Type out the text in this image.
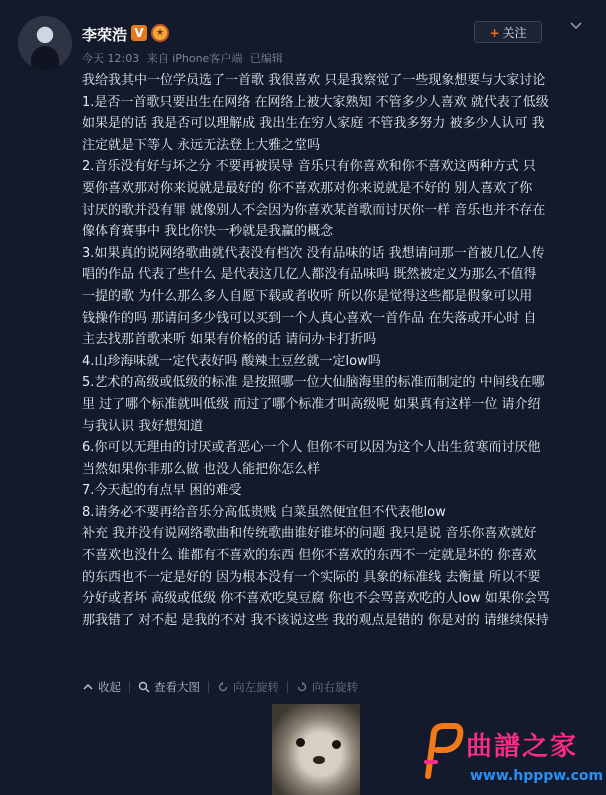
李荣浩 V	★
今天 12:03 来自 iPhone客户端 已编辑
+ 关注

我给我其中一位学员选了一首歌 我很喜欢 只是我察觉了一些现象想要与大家讨论

1.是否一首歌只要出生在网络 在网络上被大家熟知 不管多少人喜欢 就代表了低级

如果是的话 我是否可以理解成 我出生在穷人家庭 不管我多努力 被多少人认可 我

注定就是下等人 永远无法登上大雅之堂吗

2.音乐没有好与坏之分 不要再被误导 音乐只有你喜欢和你不喜欢这两种方式 只

要你喜欢那对你来说就是最好的 你不喜欢那对你来说就是不好的 别人喜欢了你

讨厌的歌并没有罪 就像别人不会因为你喜欢某首歌而讨厌你一样 音乐也并不存在

像体育赛事中 我比你快一秒就是我赢的概念

3.如果真的说网络歌曲就代表没有档次 没有品味的话 我想请问那一首被几亿人传

唱的作品 代表了些什么 是代表这几亿人都没有品味吗 既然被定义为那么不值得

一提的歌 为什么那么多人自愿下载或者收听 所以你是觉得这些都是假象可以用

钱操作的吗 那请问多少钱可以买到一个人真心喜欢一首作品 在失落或开心时 自

主去找那首歌来听 如果有价格的话 请问办卡打折吗

4.山珍海味就一定代表好吗 酸辣土豆丝就一定low吗

5.艺术的高级或低级的标准 是按照哪一位大仙脑海里的标准而制定的 中间线在哪

里 过了哪个标准就叫低级 而过了哪个标准才叫高级呢 如果真有这样一位 请介绍

与我认识 我好想知道

6.你可以无理由的讨厌或者恶心一个人 但你不可以因为这个人出生贫寒而讨厌他

当然如果你非那么做 也没人能把你怎么样

7.今天起的有点早 困的难受

8.请务必不要再给音乐分高低贵贱 白菜虽然便宜但不代表他low

补充 我并没有说网络歌曲和传统歌曲谁好谁坏的问题 我只是说 音乐你喜欢就好

不喜欢也没什么 谁都有不喜欢的东西 但你不喜欢的东西不一定就是坏的 你喜欢

的东西也不一定是好的 因为根本没有一个实际的 具象的标准线 去衡量 所以不要

分好或者坏 高级或低级 你不喜欢吃臭豆腐 你也不会骂喜欢吃的人low 如果你会骂

那我错了 对不起 是我的不对 我不该说这些 我的观点是错的 你是对的 请继续保持

收起	查看大图	向左旋转	向右旋转
曲譜之家
www.hpppw.com
